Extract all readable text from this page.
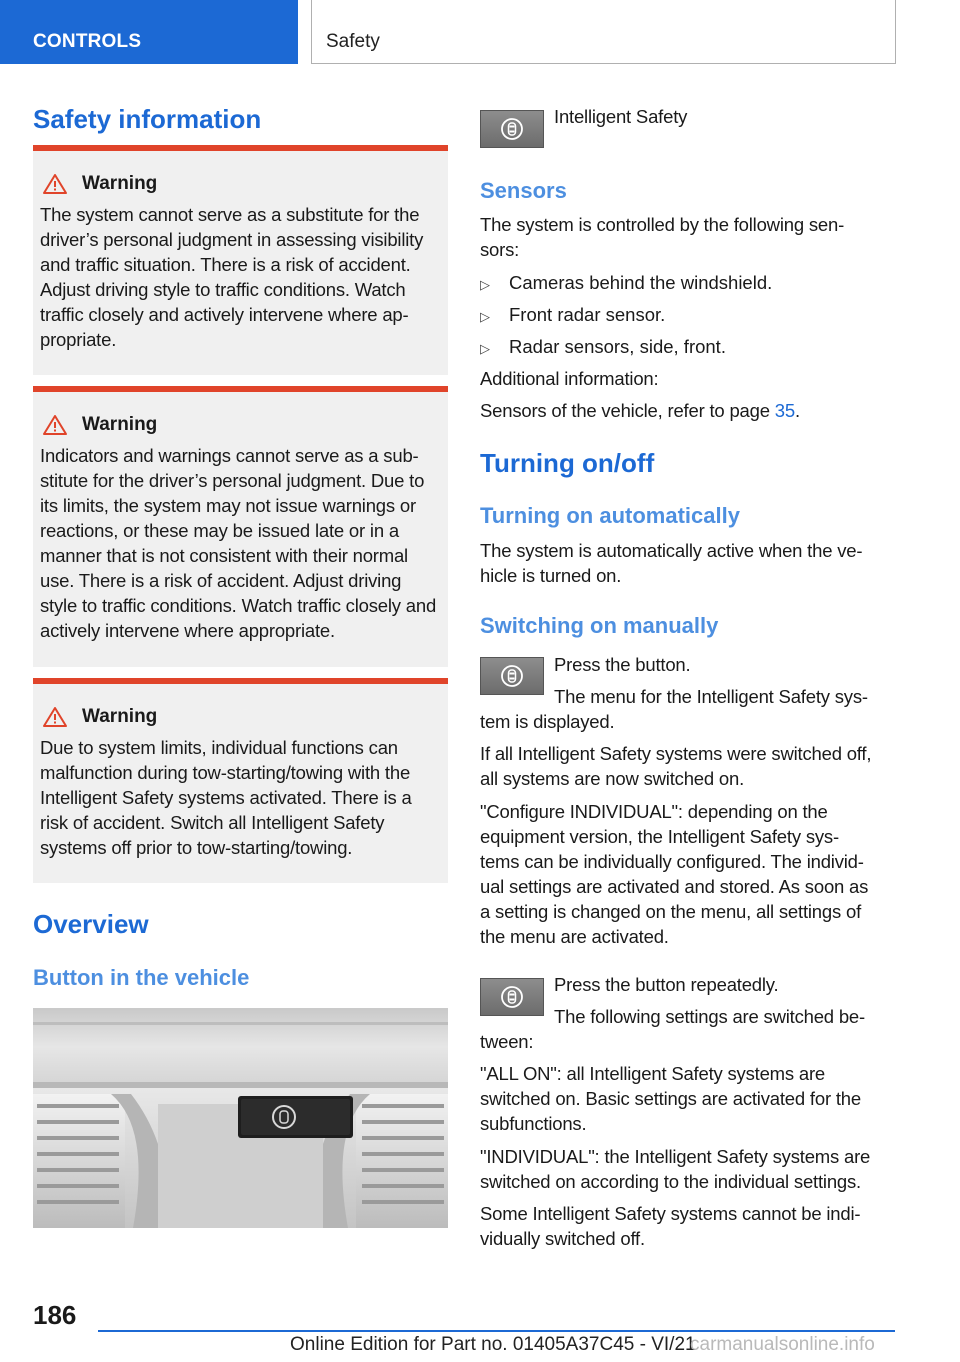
CONTROLS	Safety
Safety information
Warning

The system cannot serve as a substitute for the driver’s personal judgment in assessing visibility and traffic situation. There is a risk of accident. Adjust driving style to traffic conditions. Watch traffic closely and actively intervene where ap- propriate.

Warning

Indicators and warnings cannot serve as a sub- stitute for the driver’s personal judgment. Due to its limits, the system may not issue warnings or reactions, or these may be issued late or in a manner that is not consistent with their normal use. There is a risk of accident. Adjust driving style to traffic conditions. Watch traffic closely and actively intervene where appropriate.

Warning

Due to system limits, individual functions can malfunction during tow-starting/towing with the Intelligent Safety systems activated. There is a risk of accident. Switch all Intelligent Safety systems off prior to tow-starting/towing.

Overview
Button in the vehicle
Intelligent Safety
Sensors
The system is controlled by the following sen-
sors:
▷ Cameras behind the windshield.
▷ Front radar sensor.
▷ Radar sensors, side, front.
Additional information:
Sensors of the vehicle, refer to page 35.
Turning on/off
Turning on automatically
The system is automatically active when the ve-
hicle is turned on.
Switching on manually
Press the button.
The menu for the Intelligent Safety sys-
tem is displayed.
If all Intelligent Safety systems were switched off,
all systems are now switched on.
"Configure INDIVIDUAL": depending on the
equipment version, the Intelligent Safety sys-
tems can be individually configured. The individ-
ual settings are activated and stored. As soon as
a setting is changed on the menu, all settings of
the menu are activated.
Press the button repeatedly.
The following settings are switched be-
tween:
"ALL ON": all Intelligent Safety systems are
switched on. Basic settings are activated for the
subfunctions.
"INDIVIDUAL": the Intelligent Safety systems are
switched on according to the individual settings.
Some Intelligent Safety systems cannot be indi-
vidually switched off.
186
Online Edition for Part no. 01405A37C45 - VI/21
carmanualsonline.info
